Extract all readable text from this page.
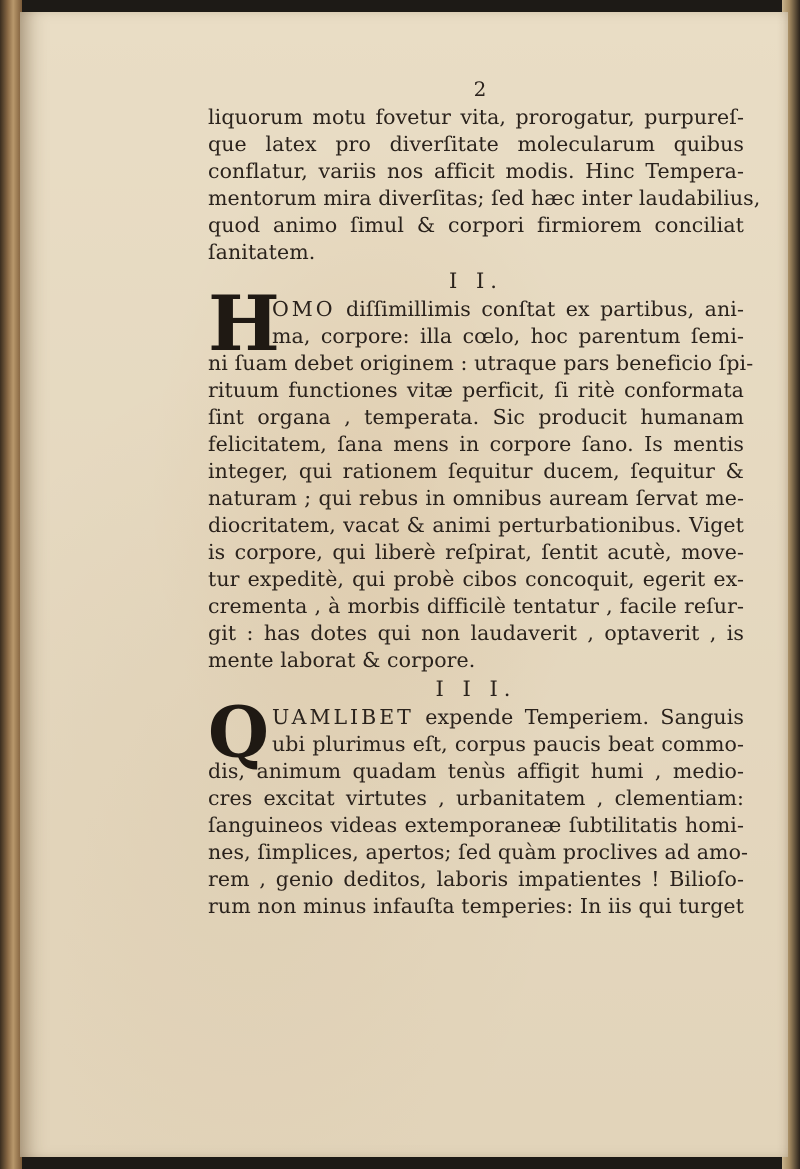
2
liquorum motu fovetur vita, prorogatur, purpureſ-
que latex pro diverſitate molecularum quibus
conflatur, variis nos afficit modis. Hinc Tempera-
mentorum mira diverſitas; ſed hæc inter laudabilius,
quod animo ſimul & corpori firmiorem conciliat
ſanitatem.
I I.
H
OMO diſſimillimis conſtat ex partibus, ani-
ma, corpore: illa cœlo, hoc parentum ſemi-
ni ſuam debet originem : utraque pars beneficio ſpi-
rituum functiones vitæ perficit, ſi ritè conformata
ſint organa , temperata. Sic producit humanam
felicitatem, ſana mens in corpore ſano. Is mentis
integer, qui rationem ſequitur ducem, ſequitur &
naturam ; qui rebus in omnibus auream ſervat me-
diocritatem, vacat & animi perturbationibus. Viget
is corpore, qui liberè reſpirat, ſentit acutè, move-
tur expeditè, qui probè cibos concoquit, egerit ex-
crementa , à morbis difficilè tentatur , facile reſur-
git : has dotes qui non laudaverit , optaverit , is
mente laborat & corpore.
I I I.
Q UAMLIBET expende Temperiem. Sanguis
ubi plurimus eſt, corpus paucis beat commo-
dis, animum quadam tenùs affigit humi , medio-
cres excitat virtutes , urbanitatem , clementiam:
ſanguineos videas extemporaneæ ſubtilitatis homi-
nes, ſimplices, apertos; ſed quàm proclives ad amo-
rem , genio deditos, laboris impatientes ! Bilioſo-
rum non minus infauſta temperies: In iis qui turget
